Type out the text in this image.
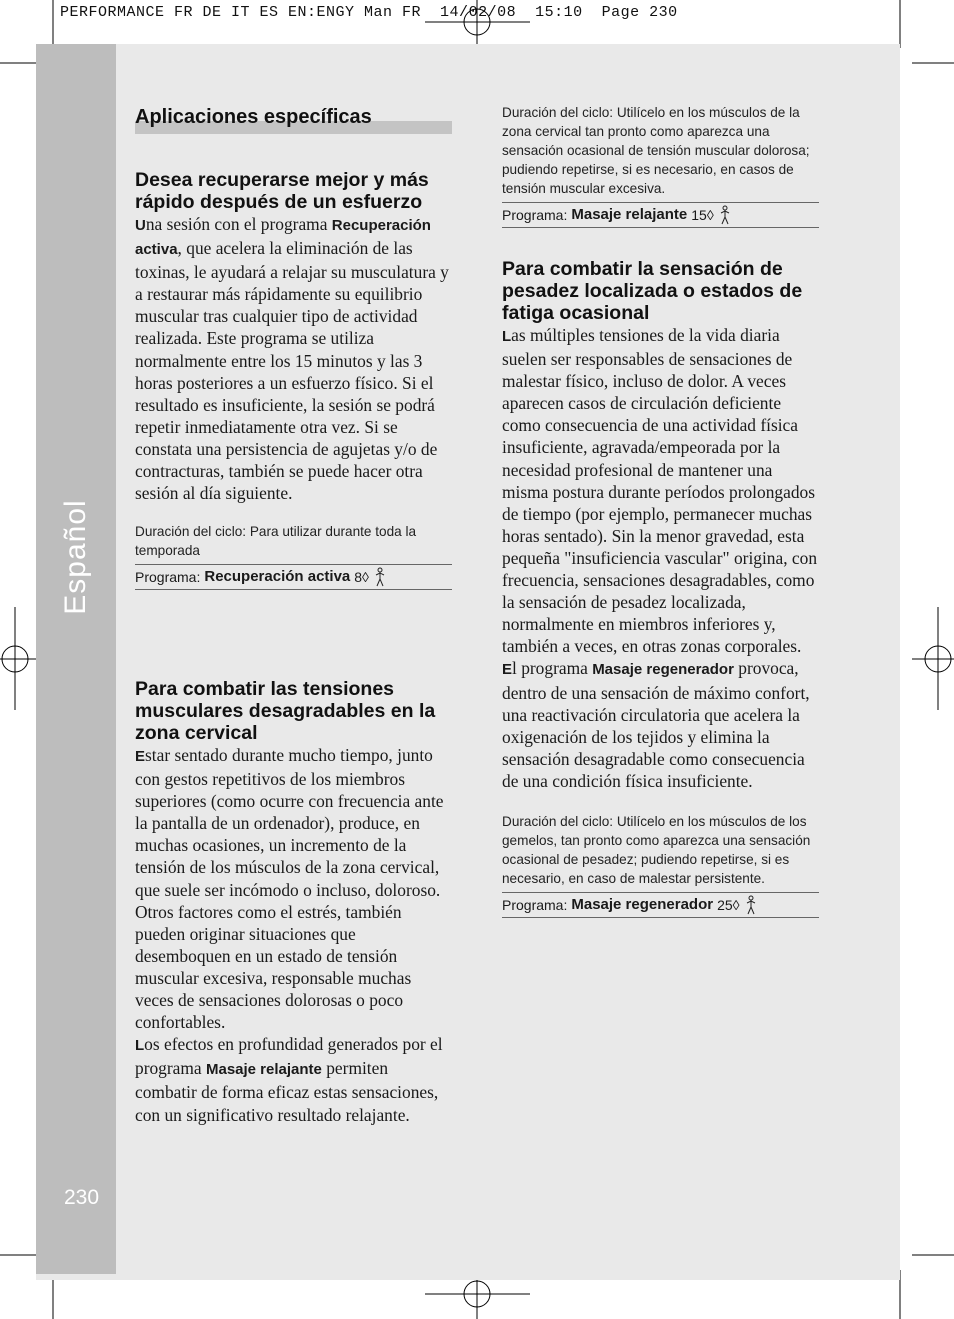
PERFORMANCE FR DE IT ES EN:ENGY Man FR  14/02/08  15:10  Page 230
Español
230
Aplicaciones específicas
Desea recuperarse mejor y más rápido después de un esfuerzo

Una sesión con el programa Recuperación activa, que acelera la eliminación de las toxinas, le ayudará a relajar su musculatura y a restaurar más rápidamente su equilibrio muscular tras cualquier tipo de actividad realizada. Este programa se utiliza normalmente entre los 15 minutos y las 3 horas posteriores a un esfuerzo físico. Si el resultado es insuficiente, la sesión se podrá repetir inmediatamente otra vez. Si se constata una persistencia de agujetas y/o de contracturas, también se puede hacer otra sesión al día siguiente.

Duración del ciclo: Para utilizar durante toda la temporada
Programa: Recuperación activa 8◊
Para combatir las tensiones musculares desagradables en la zona cervical

Estar sentado durante mucho tiempo, junto con gestos repetitivos de los miembros superiores (como ocurre con frecuencia ante la pantalla de un ordenador), produce, en muchas ocasiones, un incremento de la tensión de los músculos de la zona cervical, que suele ser incómodo o incluso, doloroso. Otros factores como el estrés, también pueden originar situaciones que desemboquen en un estado de tensión muscular excesiva, responsable muchas veces de sensaciones dolorosas o poco confortables.

Los efectos en profundidad generados por el programa Masaje relajante permiten combatir de forma eficaz estas sensaciones, con un significativo resultado relajante.

Duración del ciclo: Utilícelo en los músculos de la zona cervical tan pronto como aparezca una sensación ocasional de tensión muscular dolorosa; pudiendo repetirse, si es necesario, en casos de tensión muscular excesiva.
Programa: Masaje relajante 15◊
Para combatir la sensación de pesadez localizada o estados de fatiga ocasional

Las múltiples tensiones de la vida diaria suelen ser responsables de sensaciones de malestar físico, incluso de dolor. A veces aparecen casos de circulación deficiente como consecuencia de una actividad física insuficiente, agravada/empeorada por la necesidad profesional de mantener una misma postura durante períodos prolongados de tiempo (por ejemplo, permanecer muchas horas sentado). Sin la menor gravedad, esta pequeña "insuficiencia vascular" origina, con frecuencia, sensaciones desagradables, como la sensación de pesadez localizada, normalmente en miembros inferiores y, también a veces, en otras zonas corporales.

El programa Masaje regenerador provoca, dentro de una sensación de máximo confort, una reactivación circulatoria que acelera la oxigenación de los tejidos y elimina la sensación desagradable como consecuencia de una condición física insuficiente.

Duración del ciclo: Utilícelo en los músculos de los gemelos, tan pronto como aparezca una sensación ocasional de pesadez; pudiendo repetirse, si es necesario, en caso de malestar persistente.
Programa: Masaje regenerador 25◊
